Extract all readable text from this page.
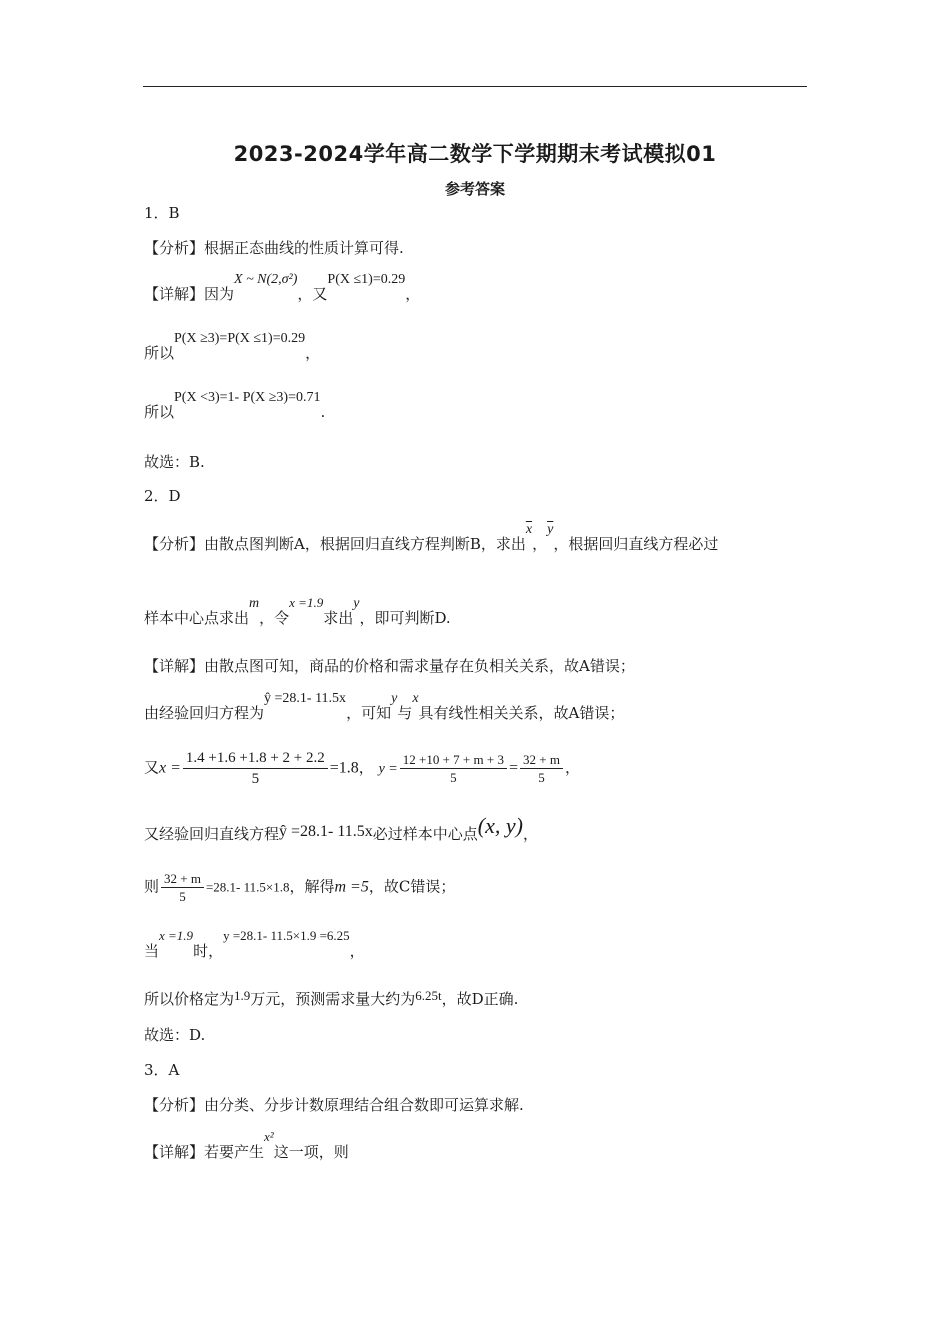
2023-2024学年高二数学下学期期末考试模拟01
参考答案
1．B
【分析】根据正态曲线的性质计算可得.
【详解】因为X ~ N(2,σ²)，又P(X ≤1)=0.29，
所以P(X ≥3)=P(X ≤1)=0.29，
所以P(X <3)=1- P(X ≥3)=0.71.
故选：B.
2．D
【分析】由散点图判断A，根据回归直线方程判断B，求出$\overline{x}$，$\overline{y}$，根据回归直线方程必过
样本中心点求出m，令x =1.9求出y，即可判断D.
【详解】由散点图可知，商品的价格和需求量存在负相关关系，故A错误；
由经验回归方程为ŷ =28.1- 11.5x，可知y与x具有线性相关关系，故A错误；
又$x = \frac{1.4 +1.6 +1.8 + 2 + 2.2}{5} =1.8$， $y = \frac{12 +10 + 7 + m + 3}{5} = \frac{32 + m}{5}$ ，
又经验回归直线方程ŷ =28.1- 11.5x必过样本中心点(x, y)，
则 $\frac{32 + m}{5} =28.1-$ 11.5×1.8，解得m =5，故C错误；
当x =1.9时，y =28.1- 11.5×1.9 =6.25，
所以价格定为1.9万元，预测需求量大约为6.25t，故D正确.
故选：D.
3．A
【分析】由分类、分步计数原理结合组合数即可运算求解.
【详解】若要产生x²这一项，则
